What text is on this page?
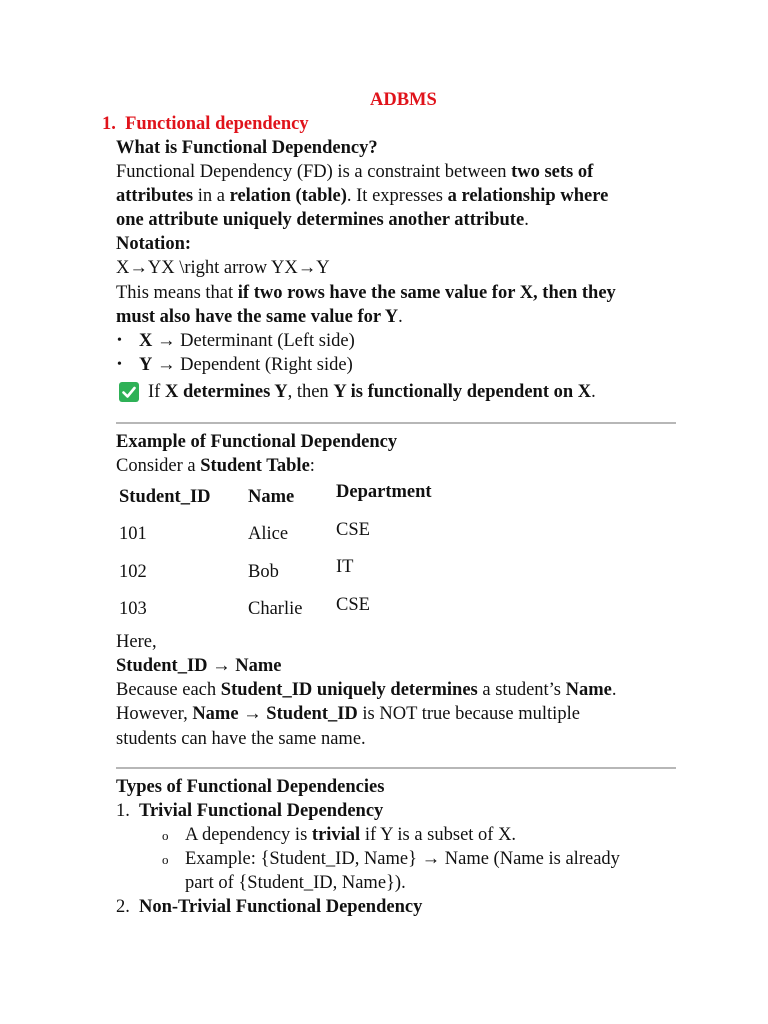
ADBMS
1. Functional dependency
What is Functional Dependency?
Functional Dependency (FD) is a constraint between two sets of
attributes in a relation (table). It expresses a relationship where
one attribute uniquely determines another attribute.
Notation:
X→YX \right arrow YX→Y
This means that if two rows have the same value for X, then they
must also have the same value for Y.
• X → Determinant (Left side)
• Y → Dependent (Right side)
If X determines Y, then Y is functionally dependent on X.
Example of Functional Dependency
Consider a Student Table:
Student_ID Name Department
101	Alice	CSE
102	Bob	IT
103	Charlie CSE
Here,
Student_ID → Name
Because each Student_ID uniquely determines a student’s Name.
However, Name → Student_ID is NOT true because multiple
students can have the same name.
Types of Functional Dependencies
1. Trivial Functional Dependency
o A dependency is trivial if Y is a subset of X.
o Example: {Student_ID, Name} → Name (Name is already
part of {Student_ID, Name}).
2. Non-Trivial Functional Dependency
